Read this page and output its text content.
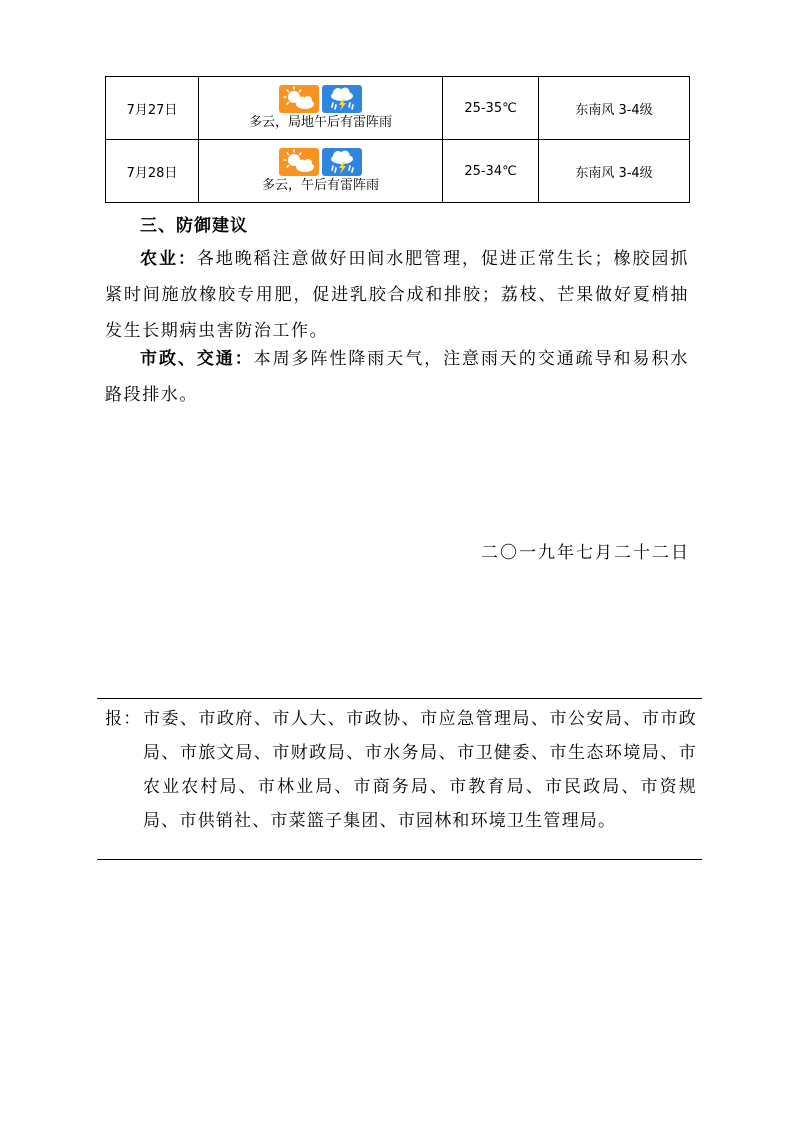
7月27日	多云，局地午后有雷阵雨	25-35℃	东南风 3-4级
7月28日	多云，午后有雷阵雨	25-34℃	东南风 3-4级
三、防御建议
农业：各地晚稻注意做好田间水肥管理，促进正常生长；橡胶园抓紧时间施放橡胶专用肥，促进乳胶合成和排胶；荔枝、芒果做好夏梢抽发生长期病虫害防治工作。
市政、交通：本周多阵性降雨天气，注意雨天的交通疏导和易积水路段排水。
二〇一九年七月二十二日
报： 市委、市政府、市人大、市政协、市应急管理局、市公安局、市市政局、市旅文局、市财政局、市水务局、市卫健委、市生态环境局、市农业农村局、市林业局、市商务局、市教育局、市民政局、市资规局、市供销社、市菜篮子集团、市园林和环境卫生管理局。
